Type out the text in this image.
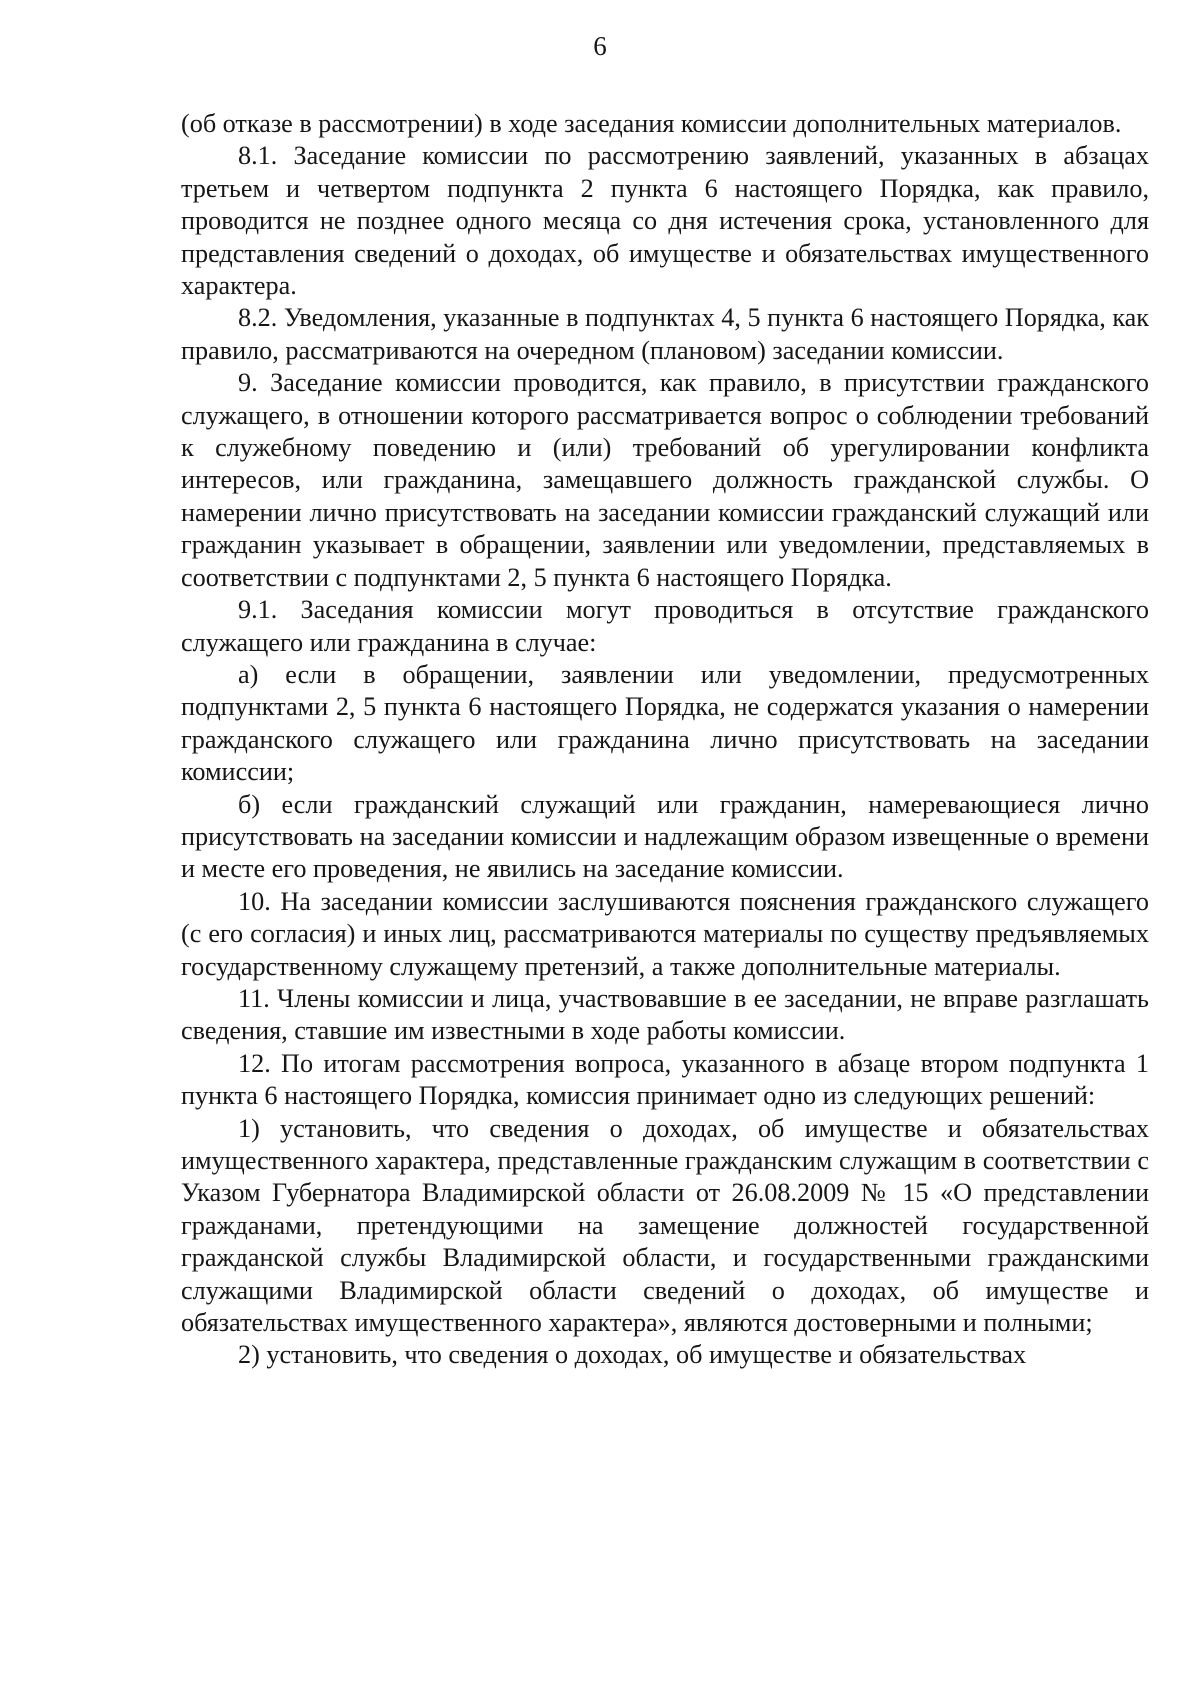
6

(об отказе в рассмотрении) в ходе заседания комиссии дополнительных материалов.

8.1. Заседание комиссии по рассмотрению заявлений, указанных в абзацах третьем и четвертом подпункта 2 пункта 6 настоящего Порядка, как правило, проводится не позднее одного месяца со дня истечения срока, установленного для представления сведений о доходах, об имуществе и обязательствах имущественного характера.

8.2. Уведомления, указанные в подпунктах 4, 5 пункта 6 настоящего Порядка, как правило, рассматриваются на очередном (плановом) заседании комиссии.

9. Заседание комиссии проводится, как правило, в присутствии гражданского служащего, в отношении которого рассматривается вопрос о соблюдении требований к служебному поведению и (или) требований об урегулировании конфликта интересов, или гражданина, замещавшего должность гражданской службы. О намерении лично присутствовать на заседании комиссии гражданский служащий или гражданин указывает в обращении, заявлении или уведомлении, представляемых в соответствии с подпунктами 2, 5 пункта 6 настоящего Порядка.

9.1. Заседания комиссии могут проводиться в отсутствие гражданского служащего или гражданина в случае:

а) если в обращении, заявлении или уведомлении, предусмотренных подпунктами 2, 5 пункта 6 настоящего Порядка, не содержатся указания о намерении гражданского служащего или гражданина лично присутствовать на заседании комиссии;

б) если гражданский служащий или гражданин, намеревающиеся лично присутствовать на заседании комиссии и надлежащим образом извещенные о времени и месте его проведения, не явились на заседание комиссии.

10. На заседании комиссии заслушиваются пояснения гражданского служащего (с его согласия) и иных лиц, рассматриваются материалы по существу предъявляемых государственному служащему претензий, а также дополнительные материалы.

11. Члены комиссии и лица, участвовавшие в ее заседании, не вправе разглашать сведения, ставшие им известными в ходе работы комиссии.

12. По итогам рассмотрения вопроса, указанного в абзаце втором подпункта 1 пункта 6 настоящего Порядка, комиссия принимает одно из следующих решений:

1) установить, что сведения о доходах, об имуществе и обязательствах имущественного характера, представленные гражданским служащим в соответствии с Указом Губернатора Владимирской области от 26.08.2009 № 15 «О представлении гражданами, претендующими на замещение должностей государственной гражданской службы Владимирской области, и государственными гражданскими служащими Владимирской области сведений о доходах, об имуществе и обязательствах имущественного характера», являются достоверными и полными;

2) установить, что сведения о доходах, об имуществе и обязательствах
